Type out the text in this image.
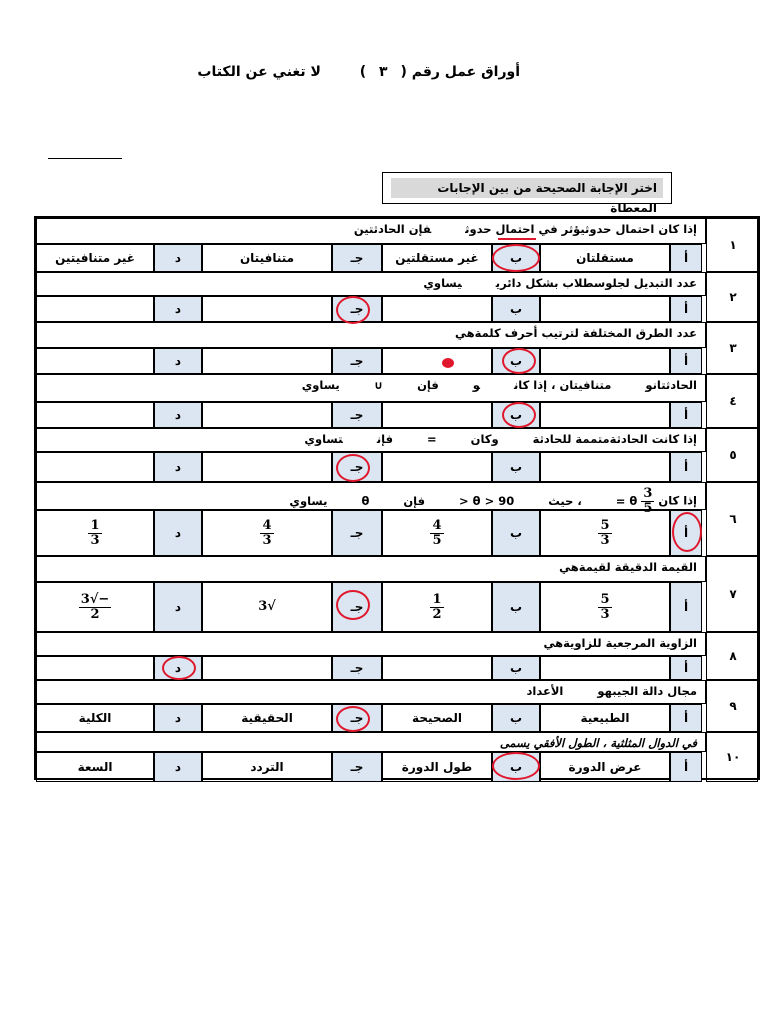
أوراق عمل رقم ( ٣ ) لا تغني عن الكتاب
اختر الإجابة الصحيحة من بين الإجابات المعطاة
١
إذا كان احتمال حدوثيؤثر في احتمال حدوثفإن الحادثتين
أ
مستقلتان
ب
غير مستقلتين
جـ
متنافيتان
د
غير متنافيتين
٢
عدد التبديل لجلوسطلاب بشكل دائرييساوي
أ
ب
جـ
د
٣
عدد الطرق المختلفة لترتيب أحرف كلمةهي
أ
ب
جـ
د
٤
الحادثتانومتنافيتان ، إذا كانوفإن∪يساوي
أ
ب
جـ
د
٥
إذا كانت الحادثةمتممة للحادثةوكان=فإنتساوي
أ
ب
جـ
د
٦
إذا كان
$\frac{3}{5}$
θ =، حيث90 < θ <فإنθيساوي
أ
$\frac{5}{3}$
ب
$\frac{4}{5}$
جـ
$\frac{4}{3}$
د
$\frac{1}{3}$
٧
القيمة الدقيقة لقيمةهي
أ
$\frac{5}{3}$
ب
$\frac{1}{2}$
جـ
√3
د
$\frac{-√3}{2}$
٨
الزاوية المرجعية للزاويةهي
أ
ب
جـ
د
٩
مجال دالة الجيبهوالأعداد
أ
الطبيعية
ب
الصحيحة
جـ
الحقيقية
د
الكلية
١٠
في الدوال المثلثية ، الطول الأفقي يسمى
أ
عرض الدورة
ب
طول الدورة
جـ
التردد
د
السعة
